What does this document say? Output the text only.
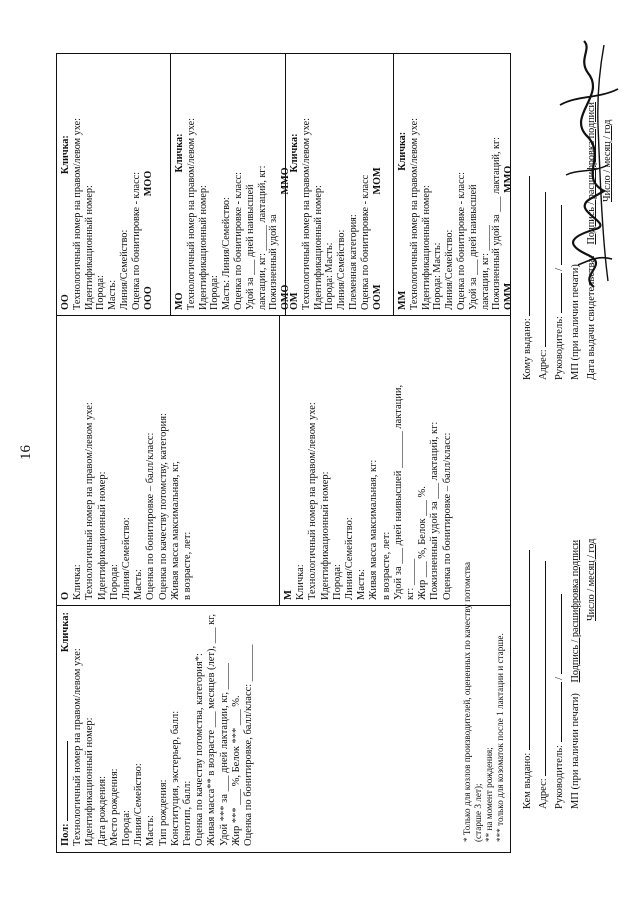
16
Пол:
Кличка:
Технологичный номер на правом/левом ухе: Идентификационный номер: Дата рождения: Место рождения: Порода: Линия/Семейство: Масть: Тип рождения: Конституция, экстерьер, балл: Генотип, балл: Оценка по качеству потомства, категория*: Живая масса** в возрасте ___ месяцев (лет), ___ кг, Удой *** за ___ дней лактации, кг, _____ Жир *** ___ %, Белок *** ___ %. Оценка по бонитировке, балл/класс: _______	* Только для козлов производителей, оцененных по качеству потомства (старше 3 лет); ** на момент рождения; *** только для козоматок после 1 лактации и старше.
О Кличка: Технологичный номер на правом/левом ухе: Идентификационный номер: Порода: Линия/Семейство: Масть: Оценка по бонитировке – балл/класс: Оценка по качеству потомству, категория: Живая масса максимальная, кг, в возрасте, лет:	М Кличка: Технологичный номер на правом/левом ухе: Идентификационный номер: Порода: Линия/Семейство: Масть: Живая масса максимальная, кг: в возрасте, лет: Удой за ___ дней наивысшей _______ лактации, кг: _____ Жир ___ %, Белок ___ %. Пожизненный удой за ___ лактаций, кг: Оценка по бонитировке – балл/класс:
ООКличка: Технологичный номер на правом/левом ухе: Идентификационный номер: Порода: Масть: Линия/Семейство: Оценка по бонитировке - класс: ОООМОО
МОКличка: Технологичный номер на правом/левом ухе: Идентификационный номер: Порода: Масть: Линия/Семейство: Оценка по бонитировке - класс: Удой за ___ дней наивысшей лактации, кг: _____ лактаций, кг: Пожизненный удой за ОМОММО
ОМКличка: Технологичный номер на правом/левом ухе: Идентификационный номер: Порода: Масть: Линия/Семейство: Племенная категория: Оценка по бонитировке - класс ООММОМ
ММКличка: Технологичный номер на правом/левом ухе: Идентификационный номер: Порода: Масть: Линия/Семейство: Оценка по бонитировке - класс: Удой за ___ дней наивысшей лактации, кг: _____ Пожизненный удой за ___ лактаций, кг: ОММММО
Кем выдано: Адрес: Руководитель:  /
МП (при наличии печати) Подпись / расшифровка подписи Число / месяц / год
Кому выдано: Адрес: Руководитель:  / МП (при наличии печати) Дата выдачи свидетельства: Подпись / расшифровка подписи Число / месяц / год
